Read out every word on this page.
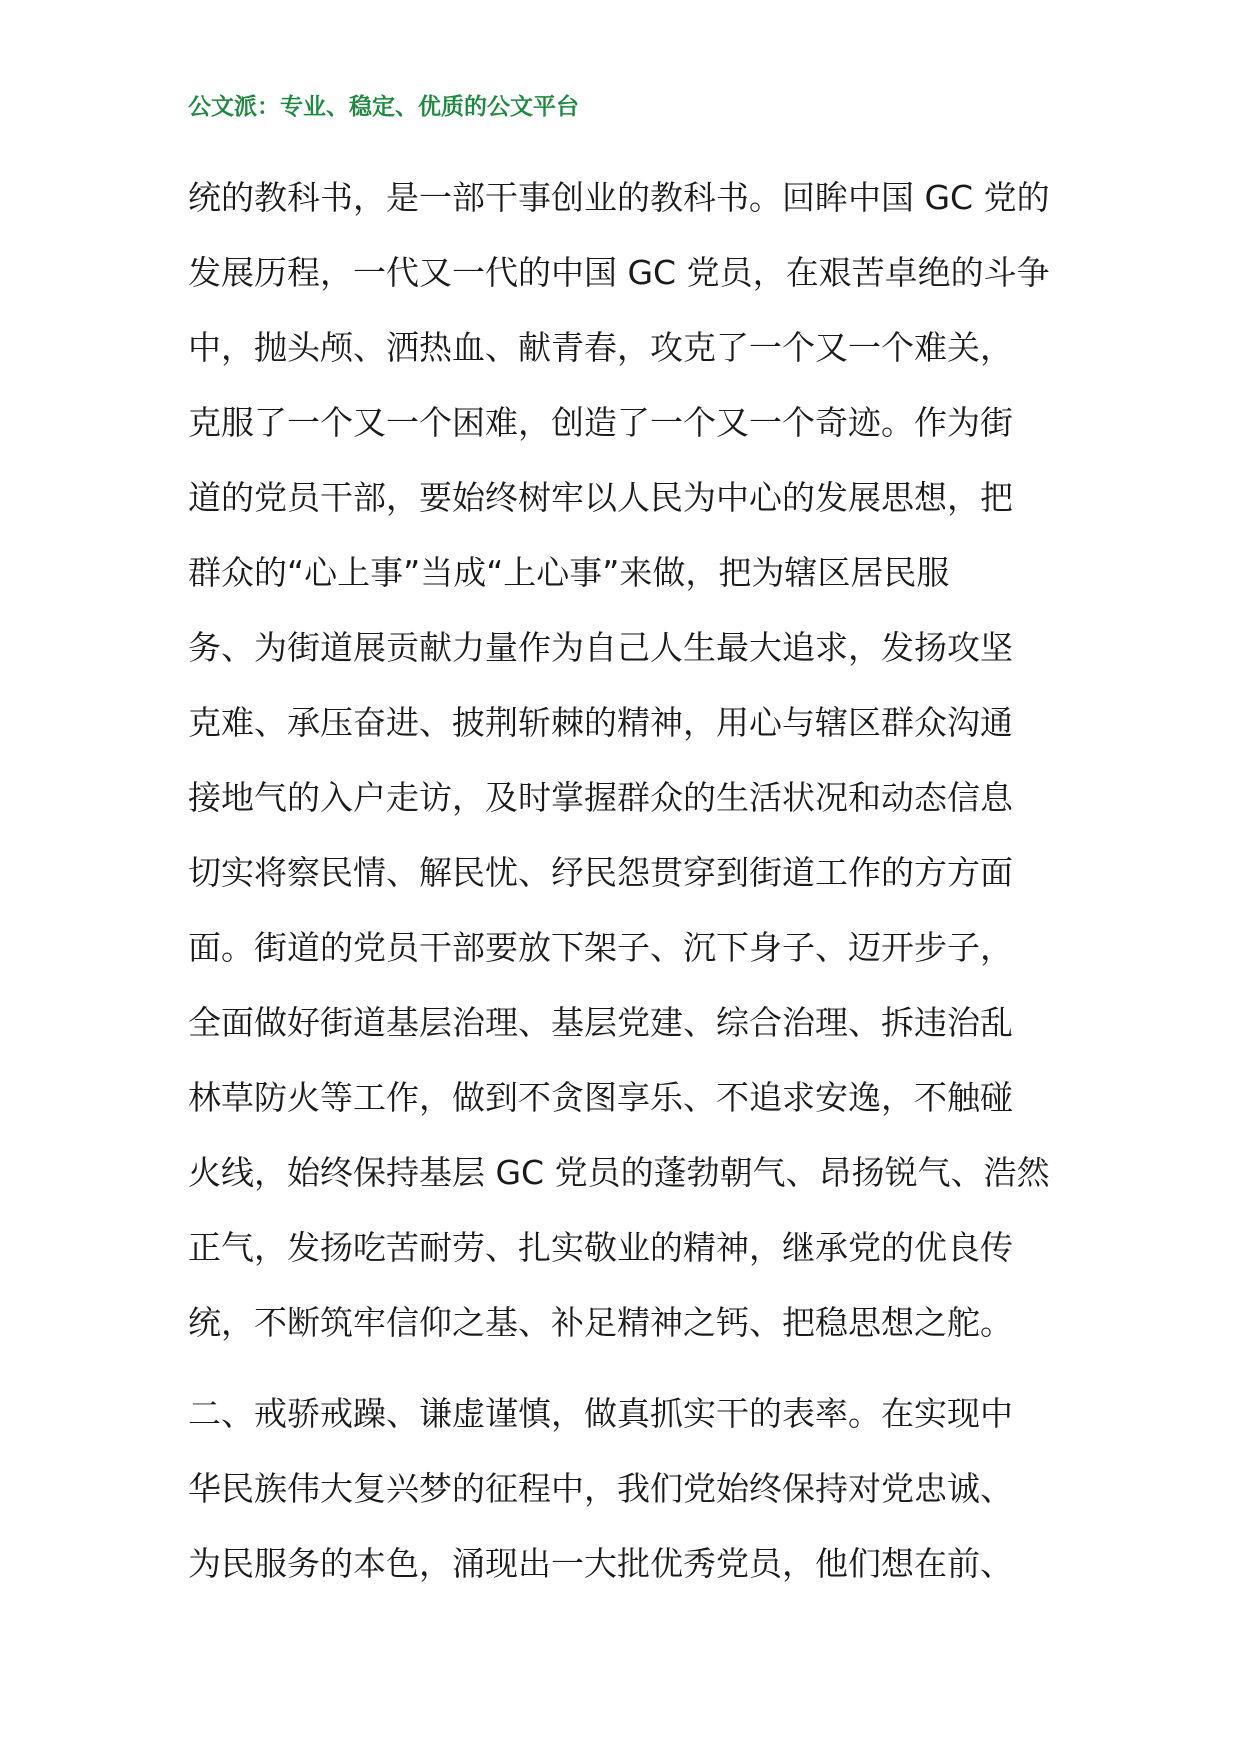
公文派：专业、稳定、优质的公文平台
统的教科书，是一部干事创业的教科书。回眸中国 GC 党的
发展历程，一代又一代的中国 GC 党员，在艰苦卓绝的斗争
中，抛头颅、洒热血、献青春，攻克了一个又一个难关，
克服了一个又一个困难，创造了一个又一个奇迹。作为街
道的党员干部，要始终树牢以人民为中心的发展思想，把
群众的“心上事”当成“上心事”来做，把为辖区居民服
务、为街道展贡献力量作为自己人生最大追求，发扬攻坚
克难、承压奋进、披荆斩棘的精神，用心与辖区群众沟通
接地气的入户走访，及时掌握群众的生活状况和动态信息
切实将察民情、解民忧、纾民怨贯穿到街道工作的方方面
面。街道的党员干部要放下架子、沉下身子、迈开步子，
全面做好街道基层治理、基层党建、综合治理、拆违治乱
林草防火等工作，做到不贪图享乐、不追求安逸，不触碰
火线，始终保持基层 GC 党员的蓬勃朝气、昂扬锐气、浩然
正气，发扬吃苦耐劳、扎实敬业的精神，继承党的优良传
统，不断筑牢信仰之基、补足精神之钙、把稳思想之舵。
二、戒骄戒躁、谦虚谨慎，做真抓实干的表率。在实现中
华民族伟大复兴梦的征程中，我们党始终保持对党忠诚、
为民服务的本色，涌现出一大批优秀党员，他们想在前、
